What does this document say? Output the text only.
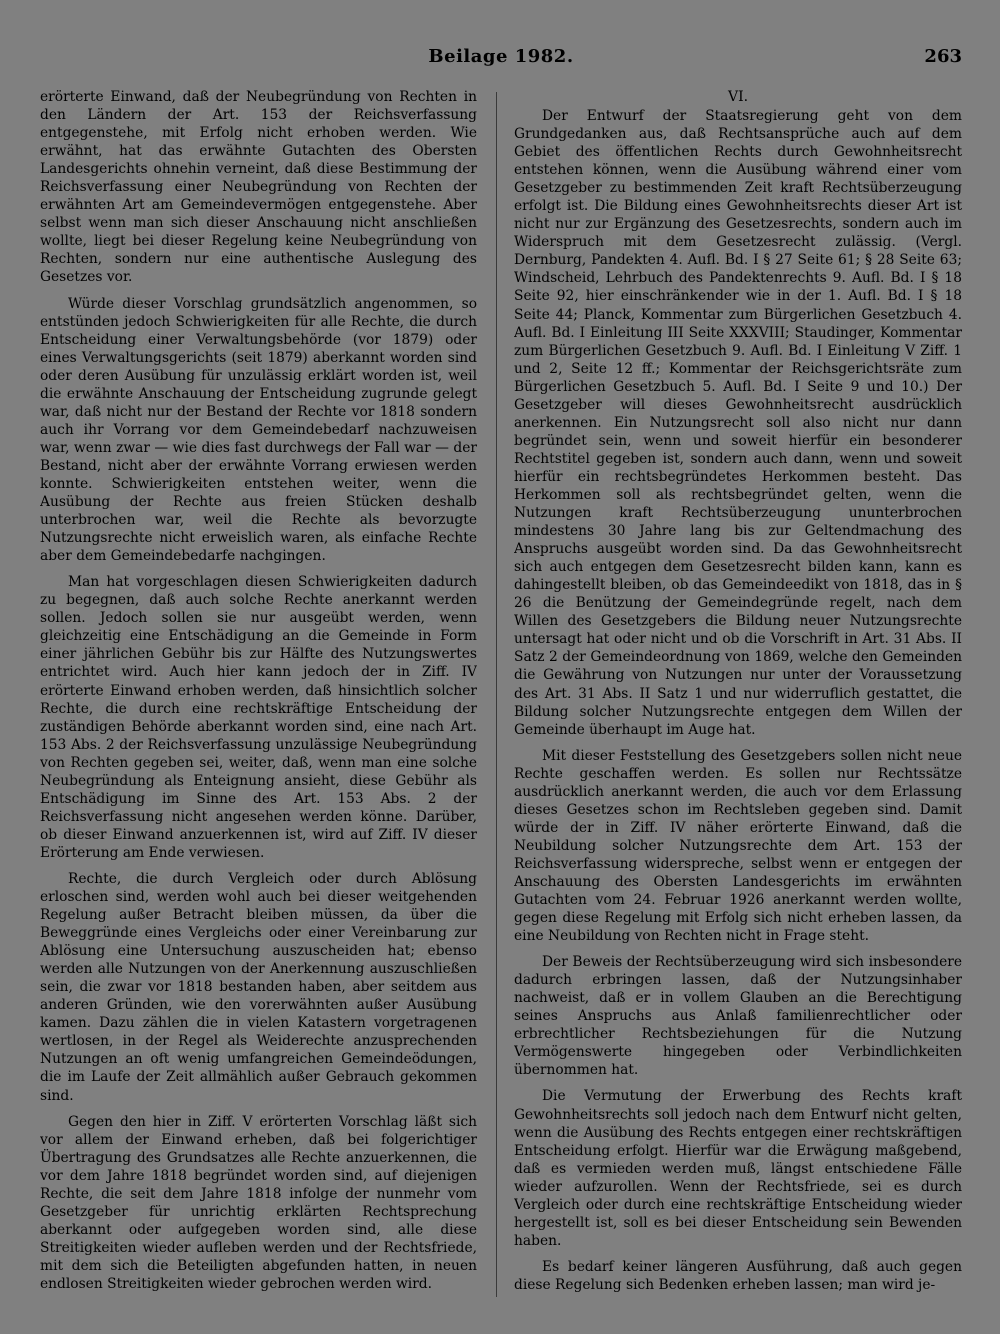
Beilage 1982.	263

erörterte Einwand, daß der Neubegründung von Rechten in den Ländern der Art. 153 der Reichsverfassung entgegenstehe, mit Erfolg nicht erhoben werden. Wie erwähnt, hat das erwähnte Gutachten des Obersten Landesgerichts ohnehin verneint, daß diese Bestimmung der Reichsverfassung einer Neubegründung von Rechten der erwähnten Art am Gemeindevermögen entgegenstehe. Aber selbst wenn man sich dieser Anschauung nicht anschließen wollte, liegt bei dieser Regelung keine Neubegründung von Rechten, sondern nur eine authentische Auslegung des Gesetzes vor.

Würde dieser Vorschlag grundsätzlich angenommen, so entstünden jedoch Schwierigkeiten für alle Rechte, die durch Entscheidung einer Verwaltungsbehörde (vor 1879) oder eines Verwaltungsgerichts (seit 1879) aberkannt worden sind oder deren Ausübung für unzulässig erklärt worden ist, weil die erwähnte Anschauung der Entscheidung zugrunde gelegt war, daß nicht nur der Bestand der Rechte vor 1818 sondern auch ihr Vorrang vor dem Gemeindebedarf nachzuweisen war, wenn zwar — wie dies fast durchwegs der Fall war — der Bestand, nicht aber der erwähnte Vorrang erwiesen werden konnte. Schwierigkeiten entstehen weiter, wenn die Ausübung der Rechte aus freien Stücken deshalb unterbrochen war, weil die Rechte als bevorzugte Nutzungsrechte nicht erweislich waren, als einfache Rechte aber dem Gemeindebedarfe nachgingen.

Man hat vorgeschlagen diesen Schwierigkeiten dadurch zu begegnen, daß auch solche Rechte anerkannt werden sollen. Jedoch sollen sie nur ausgeübt werden, wenn gleichzeitig eine Entschädigung an die Gemeinde in Form einer jährlichen Gebühr bis zur Hälfte des Nutzungswertes entrichtet wird. Auch hier kann jedoch der in Ziff. IV erörterte Einwand erhoben werden, daß hinsichtlich solcher Rechte, die durch eine rechtskräftige Entscheidung der zuständigen Behörde aberkannt worden sind, eine nach Art. 153 Abs. 2 der Reichsverfassung unzulässige Neubegründung von Rechten gegeben sei, weiter, daß, wenn man eine solche Neubegründung als Enteignung ansieht, diese Gebühr als Entschädigung im Sinne des Art. 153 Abs. 2 der Reichsverfassung nicht angesehen werden könne. Darüber, ob dieser Einwand anzuerkennen ist, wird auf Ziff. IV dieser Erörterung am Ende verwiesen.

Rechte, die durch Vergleich oder durch Ablösung erloschen sind, werden wohl auch bei dieser weitgehenden Regelung außer Betracht bleiben müssen, da über die Beweggründe eines Vergleichs oder einer Vereinbarung zur Ablösung eine Untersuchung auszuscheiden hat; ebenso werden alle Nutzungen von der Anerkennung auszuschließen sein, die zwar vor 1818 bestanden haben, aber seitdem aus anderen Gründen, wie den vorerwähnten außer Ausübung kamen. Dazu zählen die in vielen Katastern vorgetragenen wertlosen, in der Regel als Weiderechte anzusprechenden Nutzungen an oft wenig umfangreichen Gemeindeödungen, die im Laufe der Zeit allmählich außer Gebrauch gekommen sind.

Gegen den hier in Ziff. V erörterten Vorschlag läßt sich vor allem der Einwand erheben, daß bei folgerichtiger Übertragung des Grundsatzes alle Rechte anzuerkennen, die vor dem Jahre 1818 begründet worden sind, auf diejenigen Rechte, die seit dem Jahre 1818 infolge der nunmehr vom Gesetzgeber für unrichtig erklärten Rechtsprechung aberkannt oder aufgegeben worden sind, alle diese Streitigkeiten wieder aufleben werden und der Rechtsfriede, mit dem sich die Beteiligten abgefunden hatten, in neuen endlosen Streitigkeiten wieder gebrochen werden wird.

VI.

Der Entwurf der Staatsregierung geht von dem Grundgedanken aus, daß Rechtsansprüche auch auf dem Gebiet des öffentlichen Rechts durch Gewohnheitsrecht entstehen können, wenn die Ausübung während einer vom Gesetzgeber zu bestimmenden Zeit kraft Rechtsüberzeugung erfolgt ist. Die Bildung eines Gewohnheitsrechts dieser Art ist nicht nur zur Ergänzung des Gesetzesrechts, sondern auch im Widerspruch mit dem Gesetzesrecht zulässig. (Vergl. Dernburg, Pandekten 4. Aufl. Bd. I § 27 Seite 61; § 28 Seite 63; Windscheid, Lehrbuch des Pandektenrechts 9. Aufl. Bd. I § 18 Seite 92, hier einschränkender wie in der 1. Aufl. Bd. I § 18 Seite 44; Planck, Kommentar zum Bürgerlichen Gesetzbuch 4. Aufl. Bd. I Einleitung III Seite XXXVIII; Staudinger, Kommentar zum Bürgerlichen Gesetzbuch 9. Aufl. Bd. I Einleitung V Ziff. 1 und 2, Seite 12 ff.; Kommentar der Reichsgerichtsräte zum Bürgerlichen Gesetzbuch 5. Aufl. Bd. I Seite 9 und 10.) Der Gesetzgeber will dieses Gewohnheitsrecht ausdrücklich anerkennen. Ein Nutzungsrecht soll also nicht nur dann begründet sein, wenn und soweit hierfür ein besonderer Rechtstitel gegeben ist, sondern auch dann, wenn und soweit hierfür ein rechtsbegründetes Herkommen besteht. Das Herkommen soll als rechtsbegründet gelten, wenn die Nutzungen kraft Rechtsüberzeugung ununterbrochen mindestens 30 Jahre lang bis zur Geltendmachung des Anspruchs ausgeübt worden sind. Da das Gewohnheitsrecht sich auch entgegen dem Gesetzesrecht bilden kann, kann es dahingestellt bleiben, ob das Gemeindeedikt von 1818, das in § 26 die Benützung der Gemeindegründe regelt, nach dem Willen des Gesetzgebers die Bildung neuer Nutzungsrechte untersagt hat oder nicht und ob die Vorschrift in Art. 31 Abs. II Satz 2 der Gemeindeordnung von 1869, welche den Gemeinden die Gewährung von Nutzungen nur unter der Voraussetzung des Art. 31 Abs. II Satz 1 und nur widerruflich gestattet, die Bildung solcher Nutzungsrechte entgegen dem Willen der Gemeinde überhaupt im Auge hat.

Mit dieser Feststellung des Gesetzgebers sollen nicht neue Rechte geschaffen werden. Es sollen nur Rechtssätze ausdrücklich anerkannt werden, die auch vor dem Erlassung dieses Gesetzes schon im Rechtsleben gegeben sind. Damit würde der in Ziff. IV näher erörterte Einwand, daß die Neubildung solcher Nutzungsrechte dem Art. 153 der Reichsverfassung widerspreche, selbst wenn er entgegen der Anschauung des Obersten Landesgerichts im erwähnten Gutachten vom 24. Februar 1926 anerkannt werden wollte, gegen diese Regelung mit Erfolg sich nicht erheben lassen, da eine Neubildung von Rechten nicht in Frage steht.

Der Beweis der Rechtsüberzeugung wird sich insbesondere dadurch erbringen lassen, daß der Nutzungsinhaber nachweist, daß er in vollem Glauben an die Berechtigung seines Anspruchs aus Anlaß familienrechtlicher oder erbrechtlicher Rechtsbeziehungen für die Nutzung Vermögenswerte hingegeben oder Verbindlichkeiten übernommen hat.

Die Vermutung der Erwerbung des Rechts kraft Gewohnheitsrechts soll jedoch nach dem Entwurf nicht gelten, wenn die Ausübung des Rechts entgegen einer rechtskräftigen Entscheidung erfolgt. Hierfür war die Erwägung maßgebend, daß es vermieden werden muß, längst entschiedene Fälle wieder aufzurollen. Wenn der Rechtsfriede, sei es durch Vergleich oder durch eine rechtskräftige Entscheidung wieder hergestellt ist, soll es bei dieser Entscheidung sein Bewenden haben.

Es bedarf keiner längeren Ausführung, daß auch gegen diese Regelung sich Bedenken erheben lassen; man wird je-
